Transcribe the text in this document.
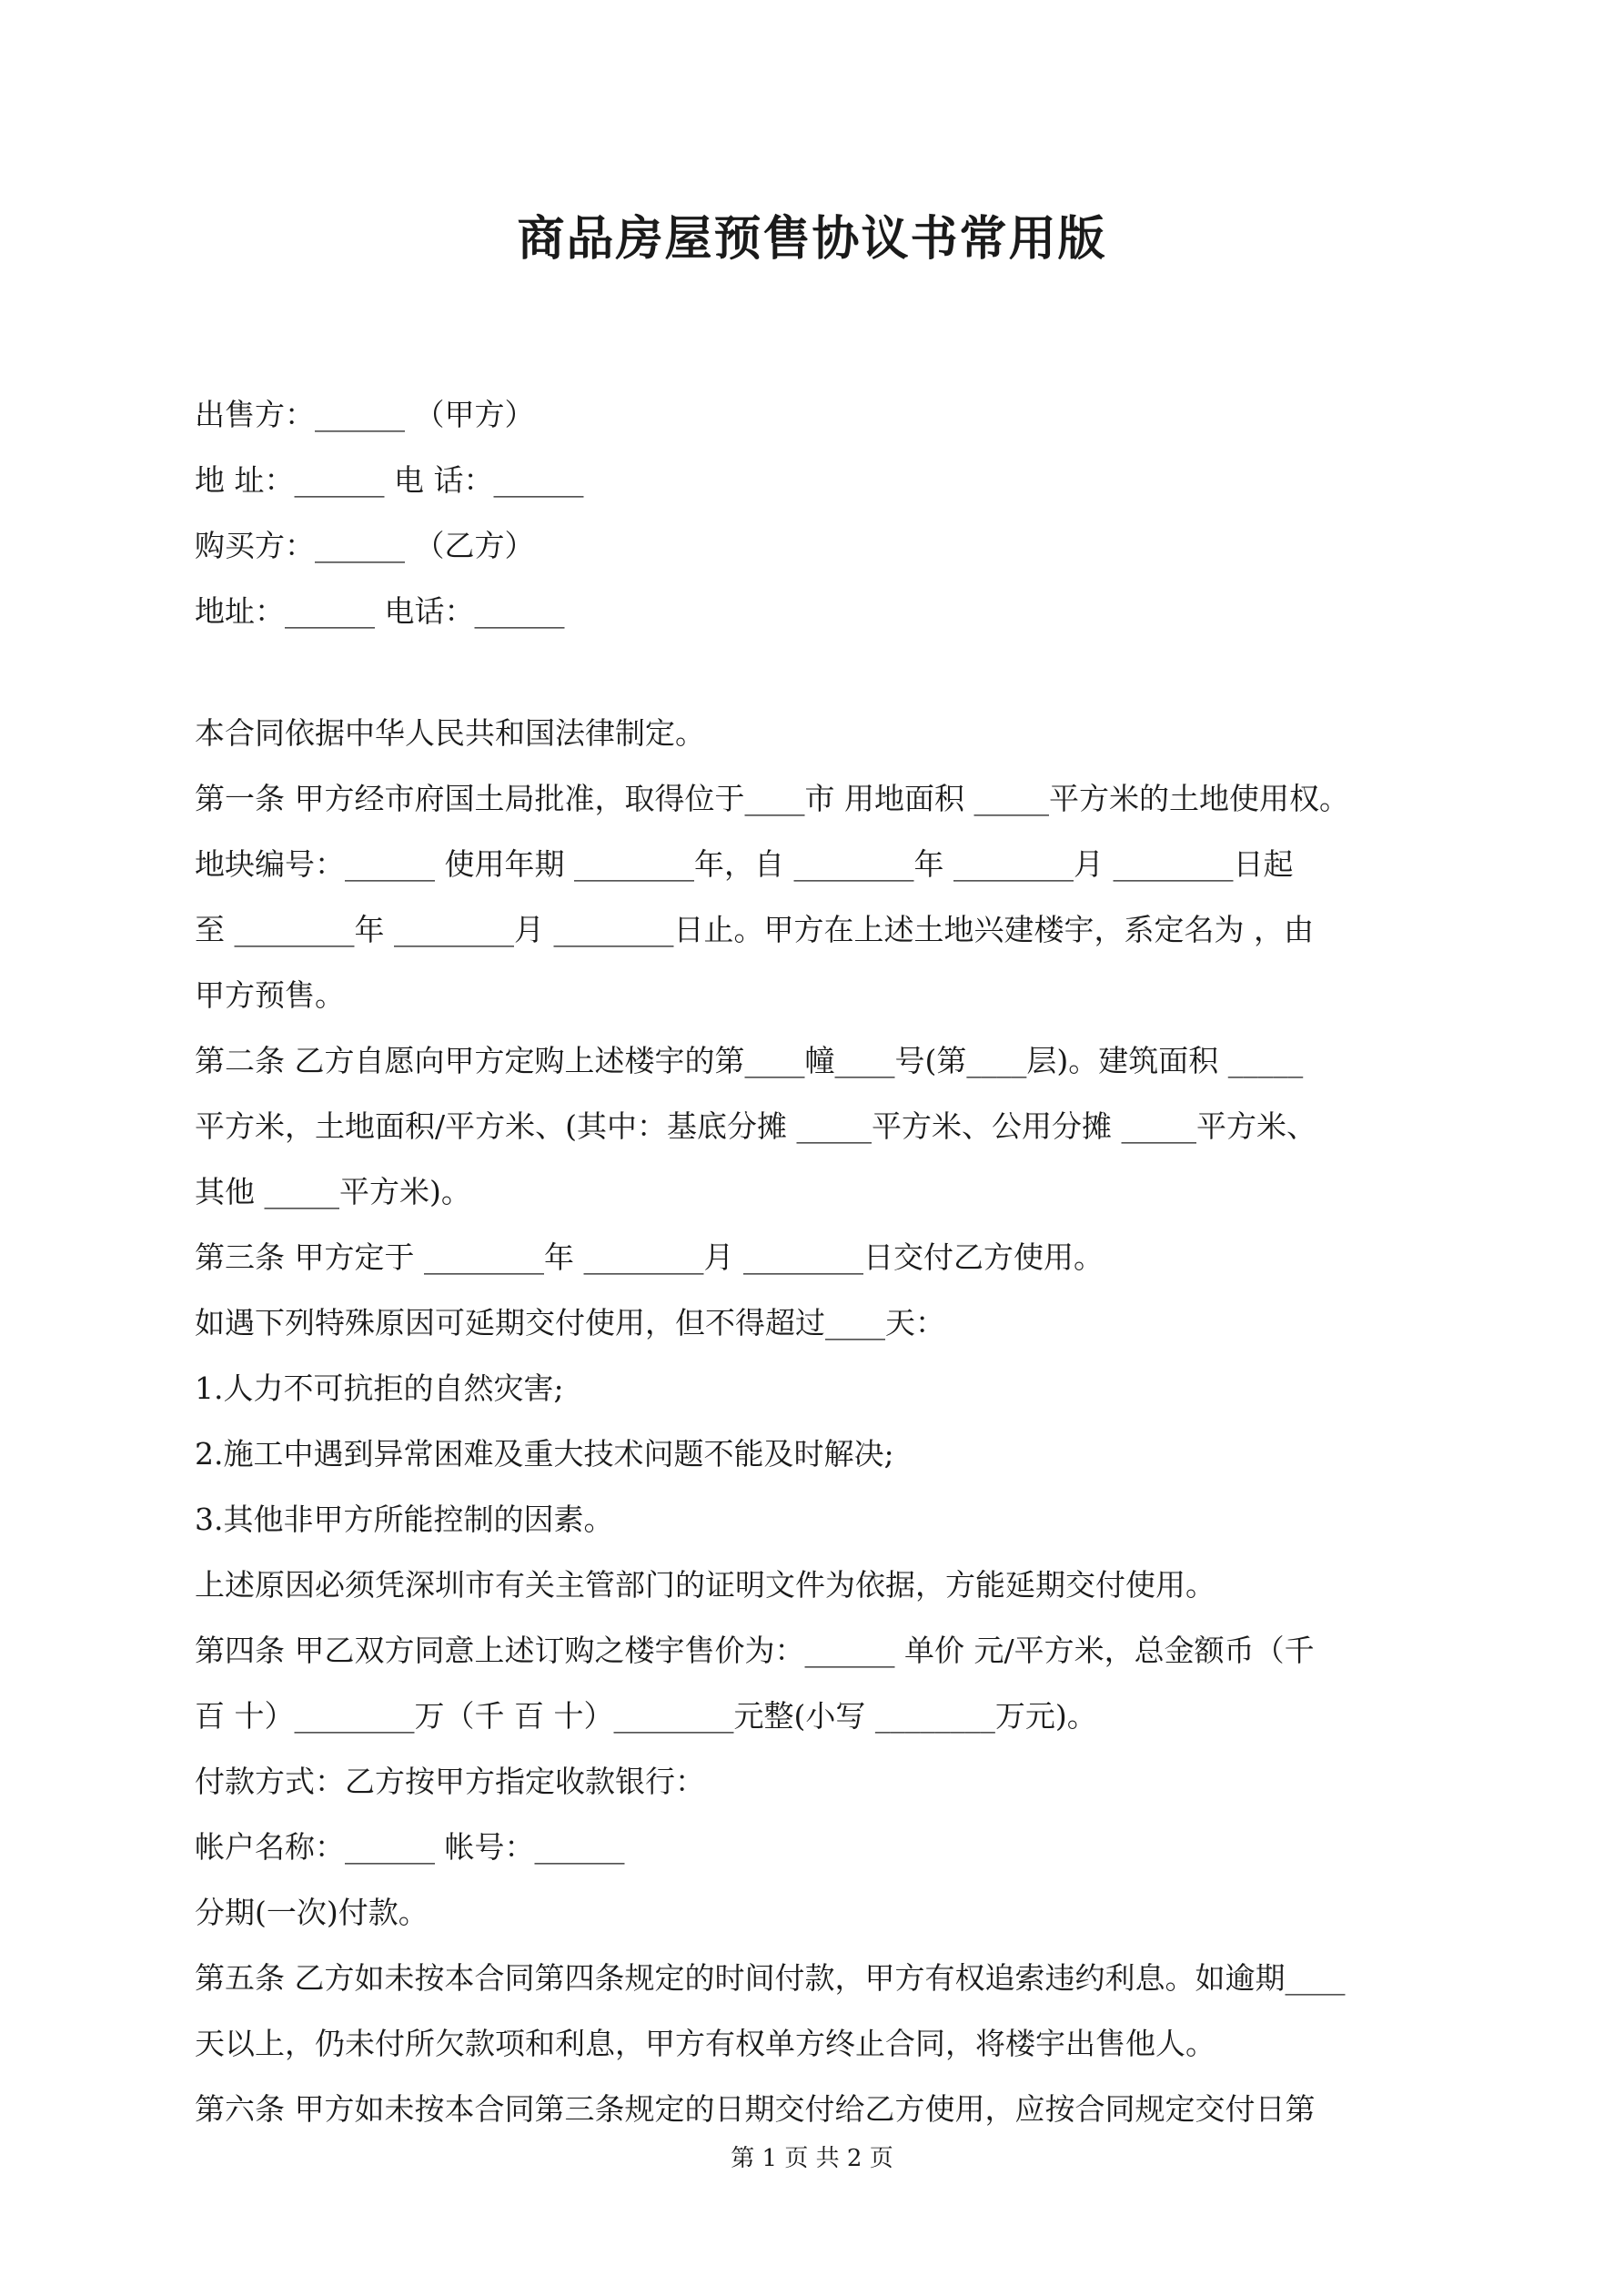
商品房屋预售协议书常用版
出售方：______ （甲方）
地 址：______ 电 话：______
购买方：______ （乙方）
地址：______ 电话：______
本合同依据中华人民共和国法律制定。
第一条 甲方经市府国土局批准，取得位于____市 用地面积 _____平方米的土地使用权。
地块编号：______ 使用年期 ________年，自 ________年 ________月 ________日起
至 ________年 ________月 ________日止。甲方在上述土地兴建楼宇，系定名为 ，由
甲方预售。
第二条 乙方自愿向甲方定购上述楼宇的第____幢____号(第____层)。建筑面积 _____
平方米，土地面积/平方米、(其中：基底分摊 _____平方米、公用分摊 _____平方米、
其他 _____平方米)。
第三条 甲方定于 ________年 ________月 ________日交付乙方使用。
如遇下列特殊原因可延期交付使用，但不得超过____天：
1.人力不可抗拒的自然灾害;
2.施工中遇到异常困难及重大技术问题不能及时解决;
3.其他非甲方所能控制的因素。
上述原因必须凭深圳市有关主管部门的证明文件为依据，方能延期交付使用。
第四条 甲乙双方同意上述订购之楼宇售价为：______ 单价 元/平方米，总金额币（千
百 十）________万（千 百 十）________元整(小写 ________万元)。
付款方式：乙方按甲方指定收款银行：
帐户名称：______ 帐号：______
分期(一次)付款。
第五条 乙方如未按本合同第四条规定的时间付款，甲方有权追索违约利息。如逾期____
天以上，仍未付所欠款项和利息，甲方有权单方终止合同，将楼宇出售他人。
第六条 甲方如未按本合同第三条规定的日期交付给乙方使用，应按合同规定交付日第
第 1 页 共 2 页
